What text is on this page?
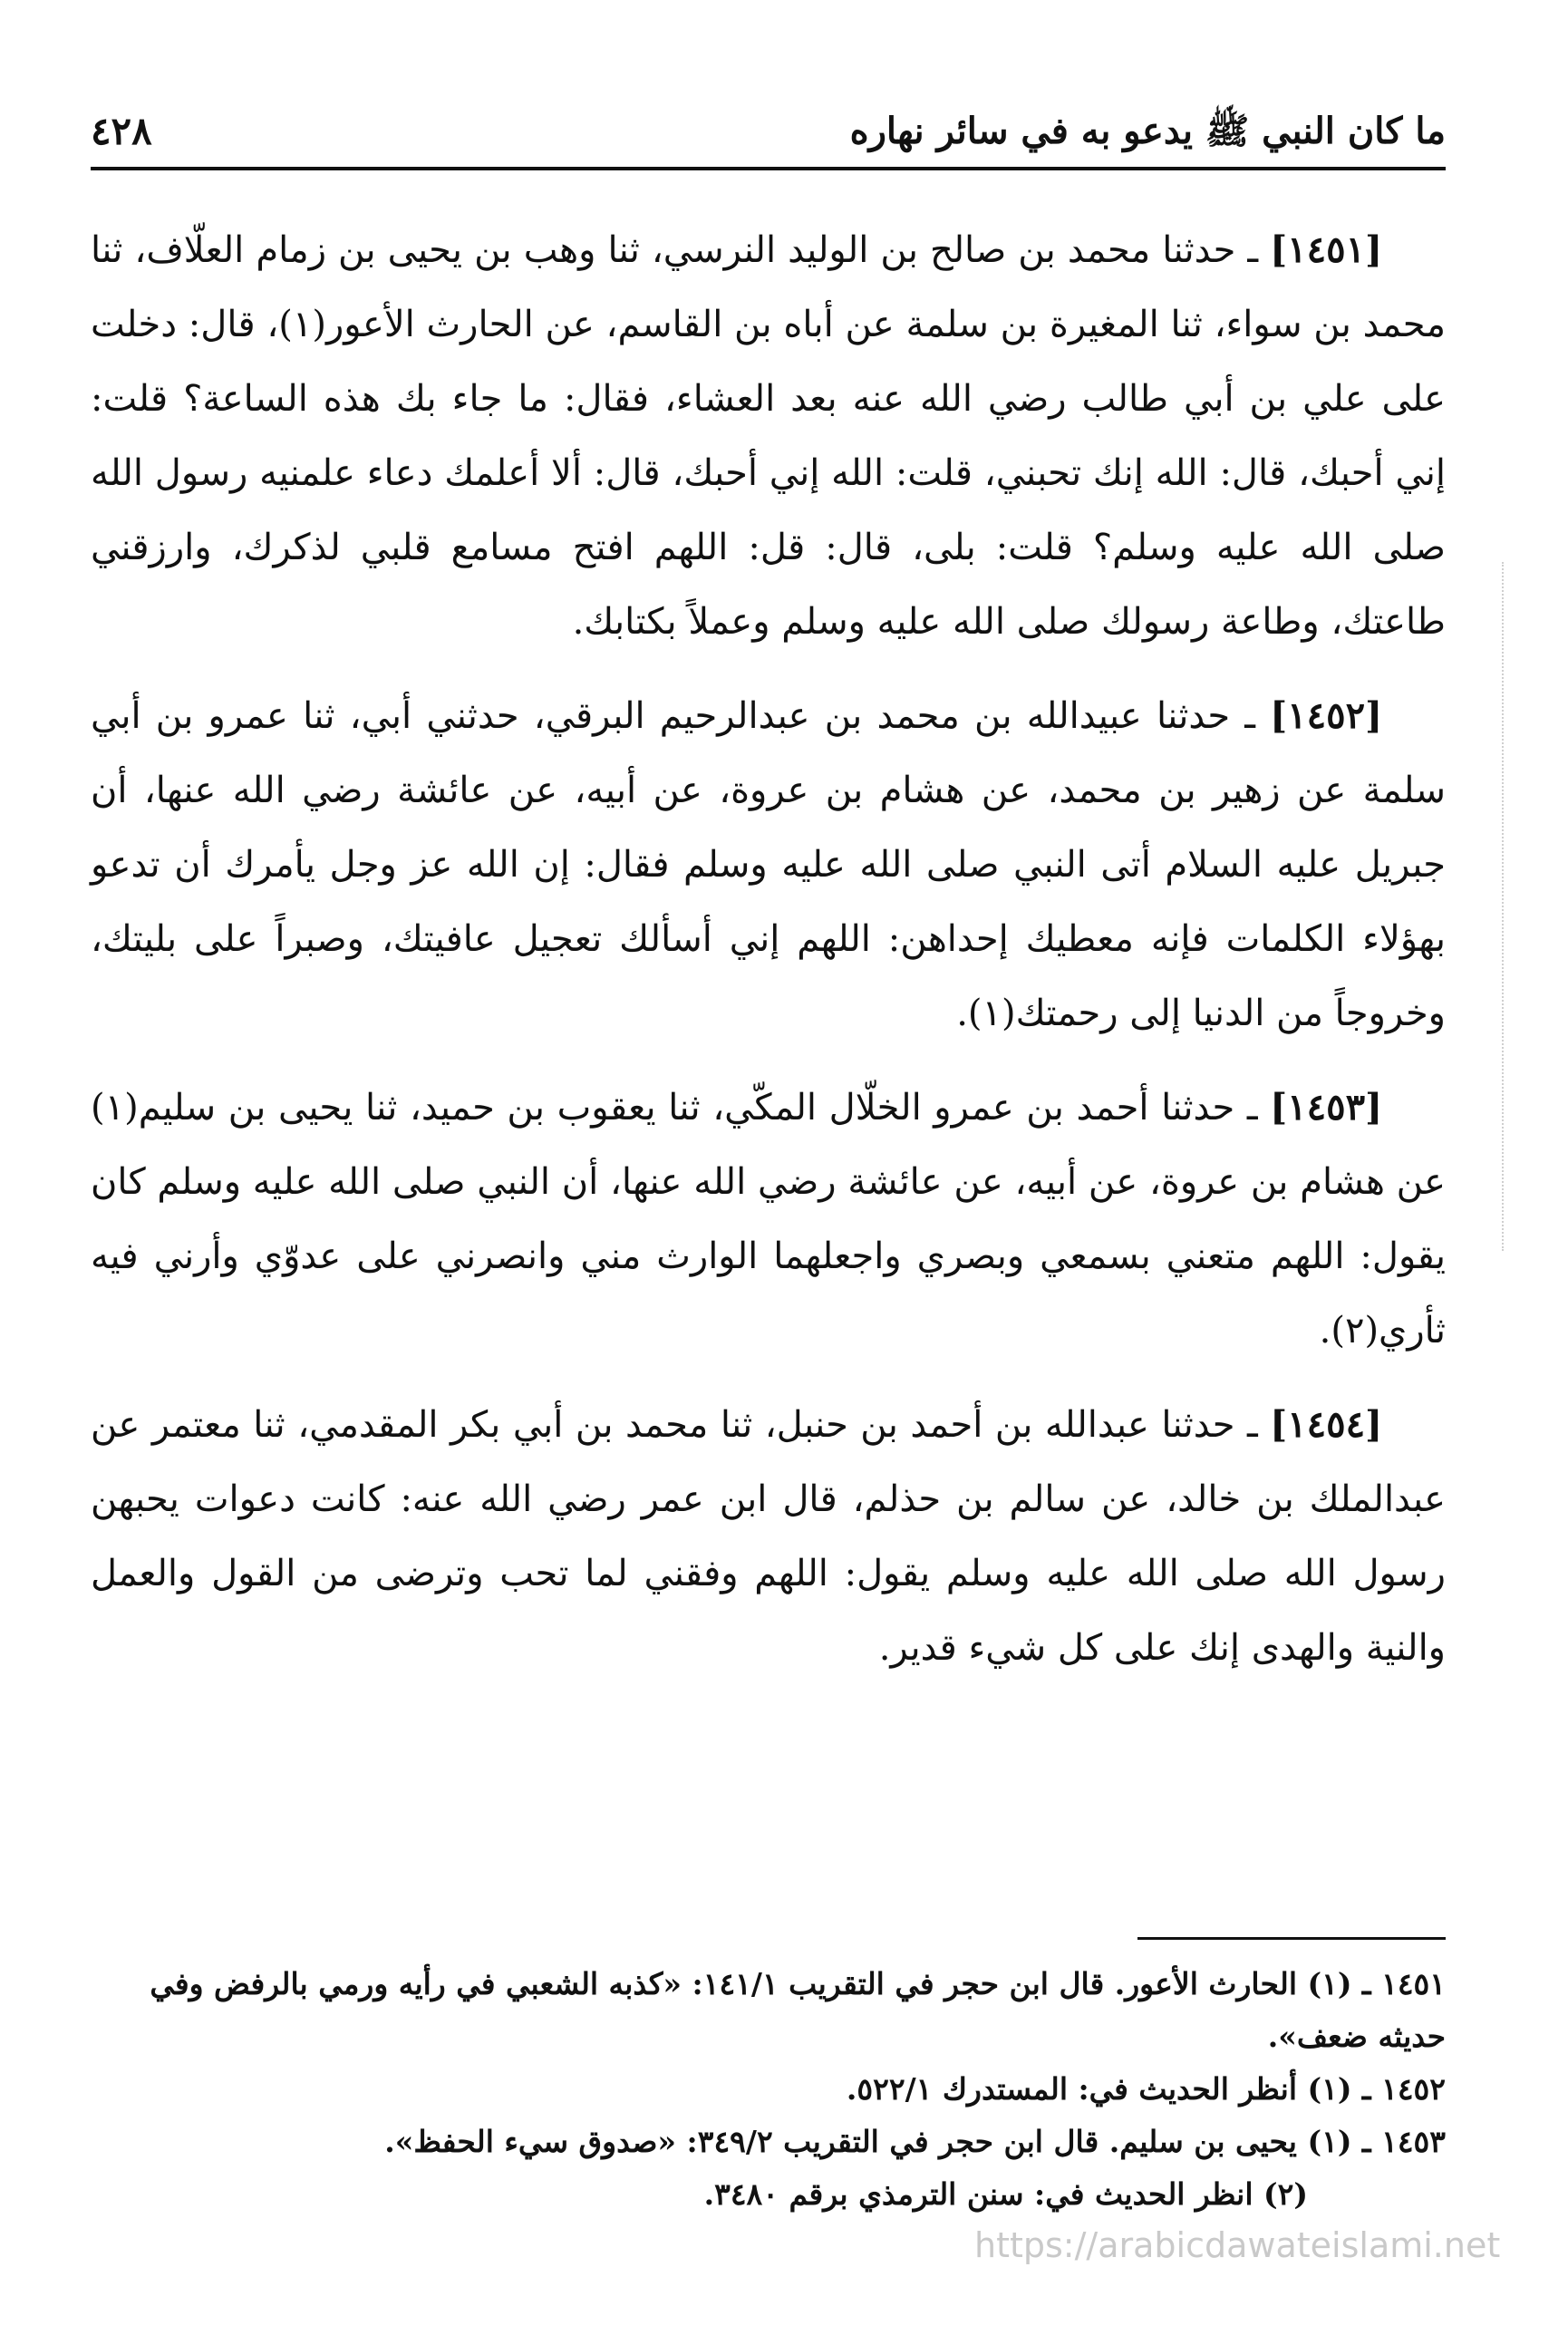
ما كان النبي ﷺ يدعو به في سائر نهاره
٤٢٨

[١٤٥١] ـ حدثنا محمد بن صالح بن الوليد النرسي، ثنا وهب بن يحيى بن زمام العلّاف، ثنا محمد بن سواء، ثنا المغيرة بن سلمة عن أباه بن القاسم، عن الحارث الأعور(١)، قال: دخلت على علي بن أبي طالب رضي الله عنه بعد العشاء، فقال: ما جاء بك هذه الساعة؟ قلت: إني أحبك، قال: الله إنك تحبني، قلت: الله إني أحبك، قال: ألا أعلمك دعاء علمنيه رسول الله صلى الله عليه وسلم؟ قلت: بلى، قال: قل: اللهم افتح مسامع قلبي لذكرك، وارزقني طاعتك، وطاعة رسولك صلى الله عليه وسلم وعملاً بكتابك.

[١٤٥٢] ـ حدثنا عبيدالله بن محمد بن عبدالرحيم البرقي، حدثني أبي، ثنا عمرو بن أبي سلمة عن زهير بن محمد، عن هشام بن عروة، عن أبيه، عن عائشة رضي الله عنها، أن جبريل عليه السلام أتى النبي صلى الله عليه وسلم فقال: إن الله عز وجل يأمرك أن تدعو بهؤلاء الكلمات فإنه معطيك إحداهن: اللهم إني أسألك تعجيل عافيتك، وصبراً على بليتك، وخروجاً من الدنيا إلى رحمتك(١).

[١٤٥٣] ـ حدثنا أحمد بن عمرو الخلّال المكّي، ثنا يعقوب بن حميد، ثنا يحيى بن سليم(١) عن هشام بن عروة، عن أبيه، عن عائشة رضي الله عنها، أن النبي صلى الله عليه وسلم كان يقول: اللهم متعني بسمعي وبصري واجعلهما الوارث مني وانصرني على عدوّي وأرني فيه ثأري(٢).

[١٤٥٤] ـ حدثنا عبدالله بن أحمد بن حنبل، ثنا محمد بن أبي بكر المقدمي، ثنا معتمر عن عبدالملك بن خالد، عن سالم بن حذلم، قال ابن عمر رضي الله عنه: كانت دعوات يحبهن رسول الله صلى الله عليه وسلم يقول: اللهم وفقني لما تحب وترضى من القول والعمل والنية والهدى إنك على كل شيء قدير.

١٤٥١ ـ (١) الحارث الأعور. قال ابن حجر في التقريب ١٤١/١: «كذبه الشعبي في رأيه ورمي بالرفض وفي حديثه ضعف».

١٤٥٢ ـ (١) أنظر الحديث في: المستدرك ٥٢٢/١.

١٤٥٣ ـ (١) يحيى بن سليم. قال ابن حجر في التقريب ٣٤٩/٢: «صدوق سيء الحفظ».

(٢) انظر الحديث في: سنن الترمذي برقم ٣٤٨٠.

https://arabicdawateislami.net
